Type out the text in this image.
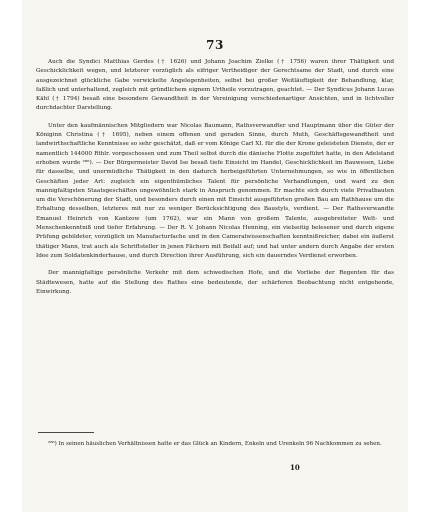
73

Auch die Syndici Matthias Gerdes († 1626) und Johann Joachim Zielke († 1756) waren ihrer Thätigkeit und Geschicklichkeit wegen, und letzterer vorzüglich als eifriger Vertheidiger der Gerechtsame der Stadt, und durch eine ausgezeichnet glückliche Gabe verwickelte Angelegenheiten, selbst bei großer Weitläuftigkeit der Behandlung, klar, faßlich und unterhaltend, zugleich mit gründlichem eignem Urtheile vorzutragen, geachtet. — Der Syndicus Johann Lucas Kähl († 1794) besaß eine besondere Gewandtheit in der Vereinigung verschiedenartiger Ansichten, und in lichtvoller durchdachter Darstellung.

Unter den kaufmännischen Mitgliedern war Nicolas Baumann, Rathsverwandter und Hauptmann über die Güter der Königinn Christina († 1695), neben einem offenen und geraden Sinne, durch Muth, Geschäftsgewandtheit und landwirthschaftliche Kenntnisse so sehr geschätzt, daß er vom Könige Carl XI. für die der Krone geleisteten Dienste, der er namentlich 144000 Rthlr. vorgeschossen und zum Theil selbst durch die dänische Flotte zugeführt hatte, in den Adelstand erhoben wurde ²⁸⁶). — Der Bürgermeister David Ise besaß tiefe Einsicht im Handel, Geschicklichkeit im Bauwesen, Liebe für dasselbe, und unermüdliche Thätigkeit in den dadurch herbeigeführten Unternehmungen, so wie in öffentlichen Geschäften jeder Art: zugleich ein eigenthümliches Talent für persönliche Verhandlungen, und ward zu den mannigfaltigsten Staatsgeschäften ungewöhnlich stark in Anspruch genommen. Er machte sich durch viele Privatbauten um die Verschönerung der Stadt, und besonders durch einen mit Einsicht ausgeführten großen Bau am Rathhause um die Erhaltung desselben, letzteres mit nur zu weniger Berücksichtigung des Baustyls, verdient. — Der Rathsverwandte Emanuel Heinrich von Kantzow (um 1762), war ein Mann von großem Talente, ausgebreiteter Welt- und Menschenkenntniß und tiefer Erfahrung. — Der R. V. Johann Nicolas Henning, ein vielseitig belesener und durch eigene Prüfung gebildeter, vorzüglich im Manufacturfache und in den Cameralwissenschaften kenntnißreicher, dabei ein äußerst thätiger Mann, trat auch als Schriftsteller in jenen Fächern mit Beifall auf; und hat unter andern durch Angabe der ersten Idee zum Soldatenkinderhause, und durch Direction ihrer Ausführung, sich ein dauerndes Verdienst erworben.

Der mannigfaltige persönliche Verkehr mit dem schwedischen Hofe, und die Vorliebe der Regenten für das Städtewesen, hatte auf die Stellung des Rathes eine bedeutende, der schärferen Beobachtung nicht entgehende, Einwirkung.

²⁸⁶) In seinen häuslichen Verhältnissen hatte er das Glück an Kindern, Enkeln und Urenkeln 96 Nachkommen zu sehen.

10
